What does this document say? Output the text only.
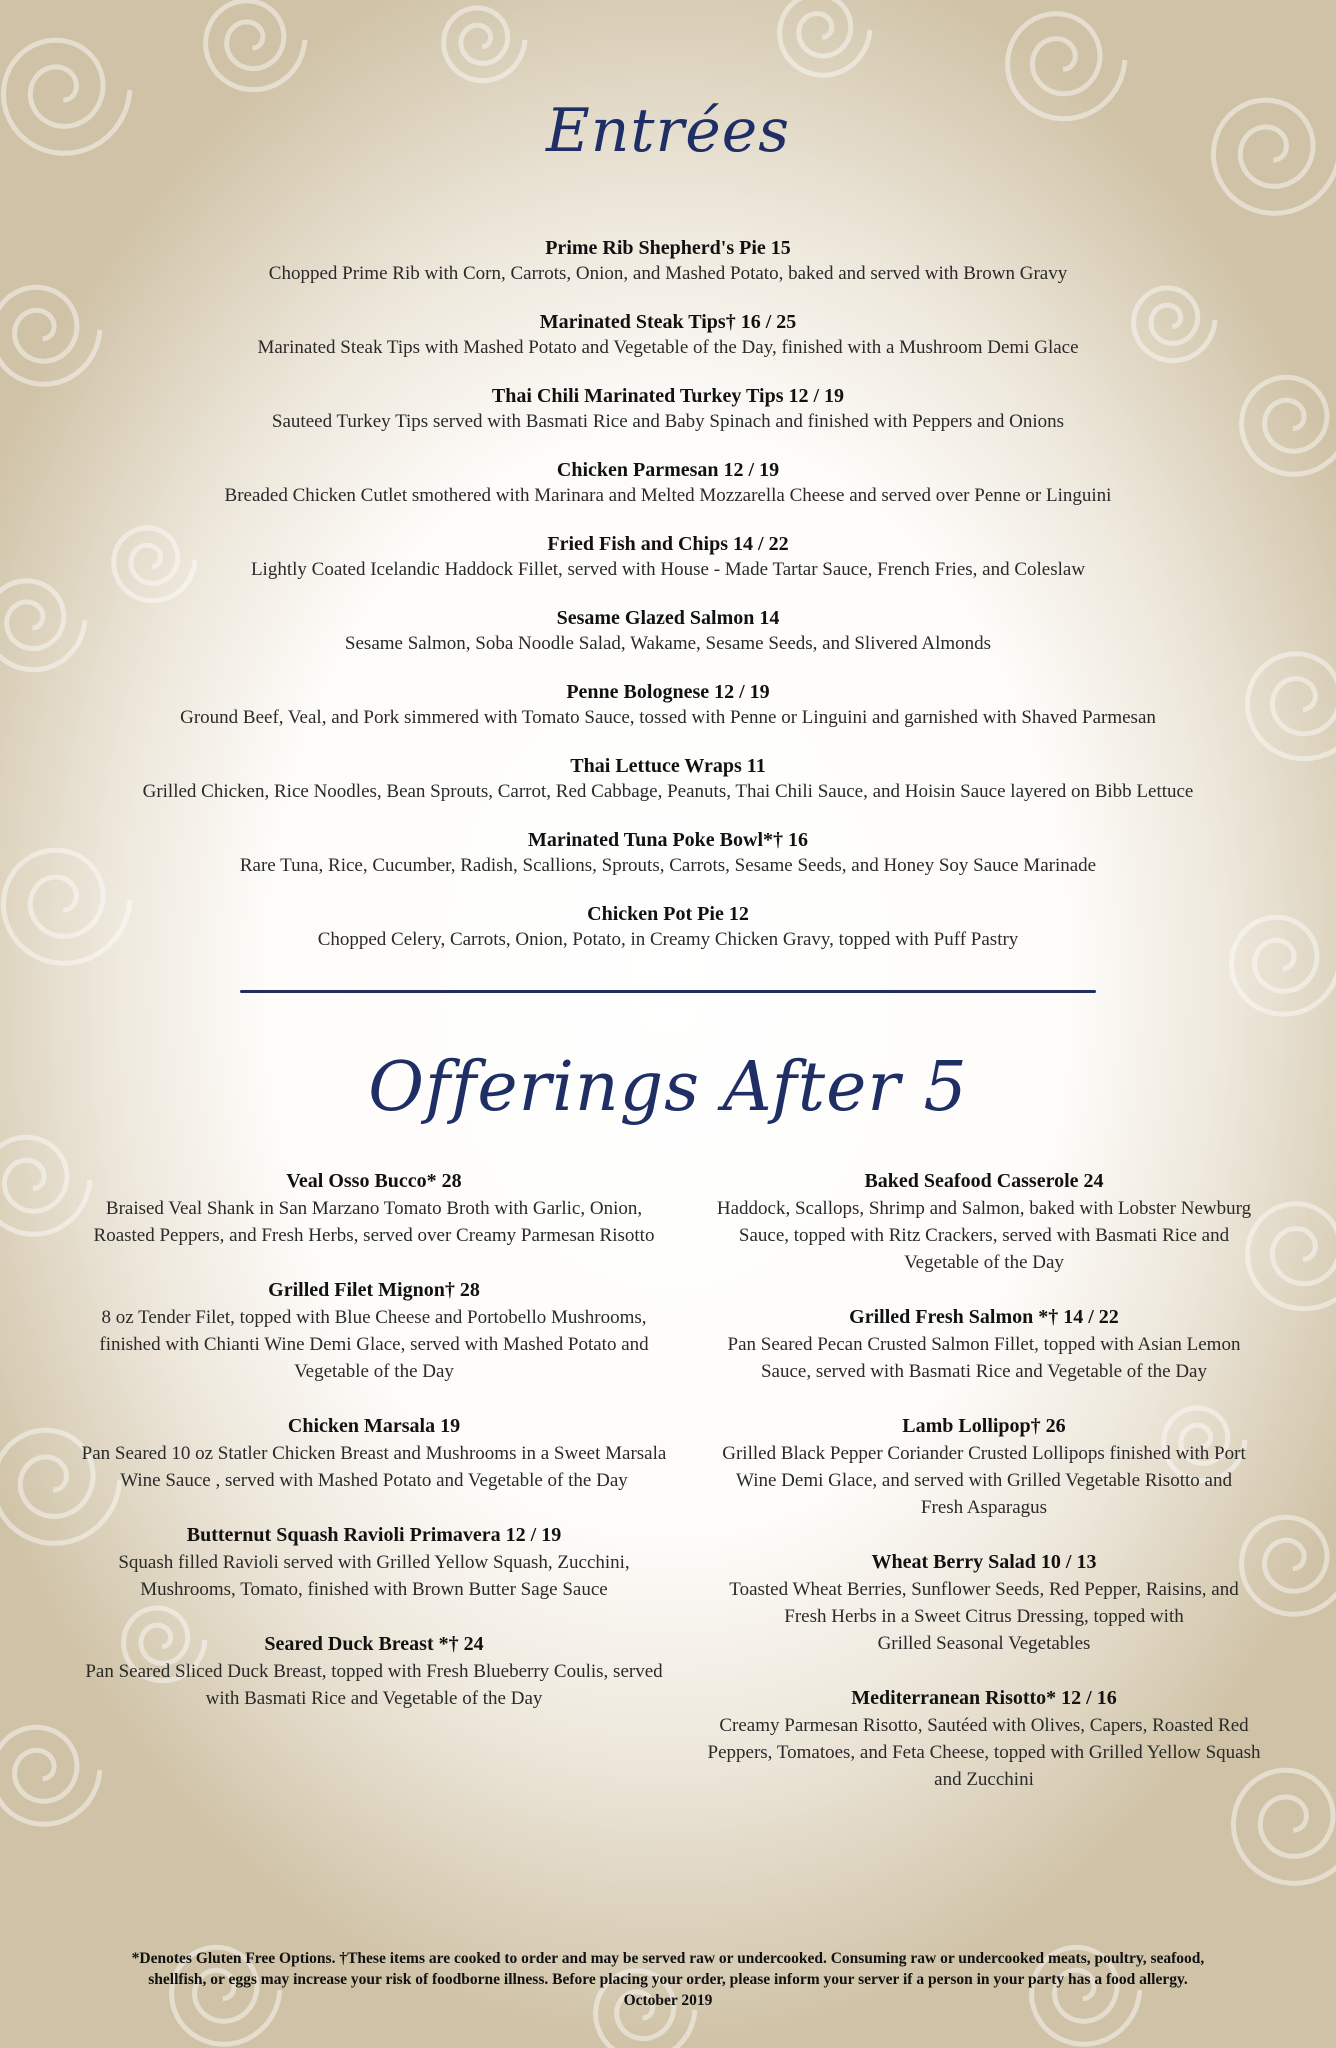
Entrées
Prime Rib Shepherd's Pie 15
Chopped Prime Rib with Corn, Carrots, Onion, and Mashed Potato, baked and served with Brown Gravy
Marinated Steak Tips† 16 / 25
Marinated Steak Tips with Mashed Potato and Vegetable of the Day, finished with a Mushroom Demi Glace
Thai Chili Marinated Turkey Tips 12 / 19
Sauteed Turkey Tips served with Basmati Rice and Baby Spinach and finished with Peppers and Onions
Chicken Parmesan 12 / 19
Breaded Chicken Cutlet smothered with Marinara and Melted Mozzarella Cheese and served over Penne or Linguini
Fried Fish and Chips 14 / 22
Lightly Coated Icelandic Haddock Fillet, served with House - Made Tartar Sauce, French Fries, and Coleslaw
Sesame Glazed Salmon 14
Sesame Salmon, Soba Noodle Salad, Wakame, Sesame Seeds, and Slivered Almonds
Penne Bolognese 12 / 19
Ground Beef, Veal, and Pork simmered with Tomato Sauce, tossed with Penne or Linguini and garnished with Shaved Parmesan
Thai Lettuce Wraps 11
Grilled Chicken, Rice Noodles, Bean Sprouts, Carrot, Red Cabbage, Peanuts, Thai Chili Sauce, and Hoisin Sauce layered on Bibb Lettuce
Marinated Tuna Poke Bowl*† 16
Rare Tuna, Rice, Cucumber, Radish, Scallions, Sprouts, Carrots, Sesame Seeds, and Honey Soy Sauce Marinade
Chicken Pot Pie 12
Chopped Celery, Carrots, Onion, Potato, in Creamy Chicken Gravy, topped with Puff Pastry
Offerings After 5
Veal Osso Bucco* 28
Braised Veal Shank in San Marzano Tomato Broth with Garlic, Onion,
Roasted Peppers, and Fresh Herbs, served over Creamy Parmesan Risotto
Grilled Filet Mignon† 28
8 oz Tender Filet, topped with Blue Cheese and Portobello Mushrooms,
finished with Chianti Wine Demi Glace, served with Mashed Potato and
Vegetable of the Day
Chicken Marsala 19
Pan Seared 10 oz Statler Chicken Breast and Mushrooms in a Sweet Marsala
Wine Sauce , served with Mashed Potato and Vegetable of the Day
Butternut Squash Ravioli Primavera 12 / 19
Squash filled Ravioli served with Grilled Yellow Squash, Zucchini,
Mushrooms, Tomato, finished with Brown Butter Sage Sauce
Seared Duck Breast *† 24
Pan Seared Sliced Duck Breast, topped with Fresh Blueberry Coulis, served
with Basmati Rice and Vegetable of the Day
Baked Seafood Casserole 24
Haddock, Scallops, Shrimp and Salmon, baked with Lobster Newburg
Sauce, topped with Ritz Crackers, served with Basmati Rice and
Vegetable of the Day
Grilled Fresh Salmon *† 14 / 22
Pan Seared Pecan Crusted Salmon Fillet, topped with Asian Lemon
Sauce, served with Basmati Rice and Vegetable of the Day
Lamb Lollipop† 26
Grilled Black Pepper Coriander Crusted Lollipops finished with Port
Wine Demi Glace, and served with Grilled Vegetable Risotto and
Fresh Asparagus
Wheat Berry Salad 10 / 13
Toasted Wheat Berries, Sunflower Seeds, Red Pepper, Raisins, and
Fresh Herbs in a Sweet Citrus Dressing, topped with
Grilled Seasonal Vegetables
Mediterranean Risotto* 12 / 16
Creamy Parmesan Risotto, Sautéed with Olives, Capers, Roasted Red
Peppers, Tomatoes, and Feta Cheese, topped with Grilled Yellow Squash
and Zucchini
*Denotes Gluten Free Options. †These items are cooked to order and may be served raw or undercooked. Consuming raw or undercooked meats, poultry, seafood,
shellfish, or eggs may increase your risk of foodborne illness. Before placing your order, please inform your server if a person in your party has a food allergy.
October 2019
